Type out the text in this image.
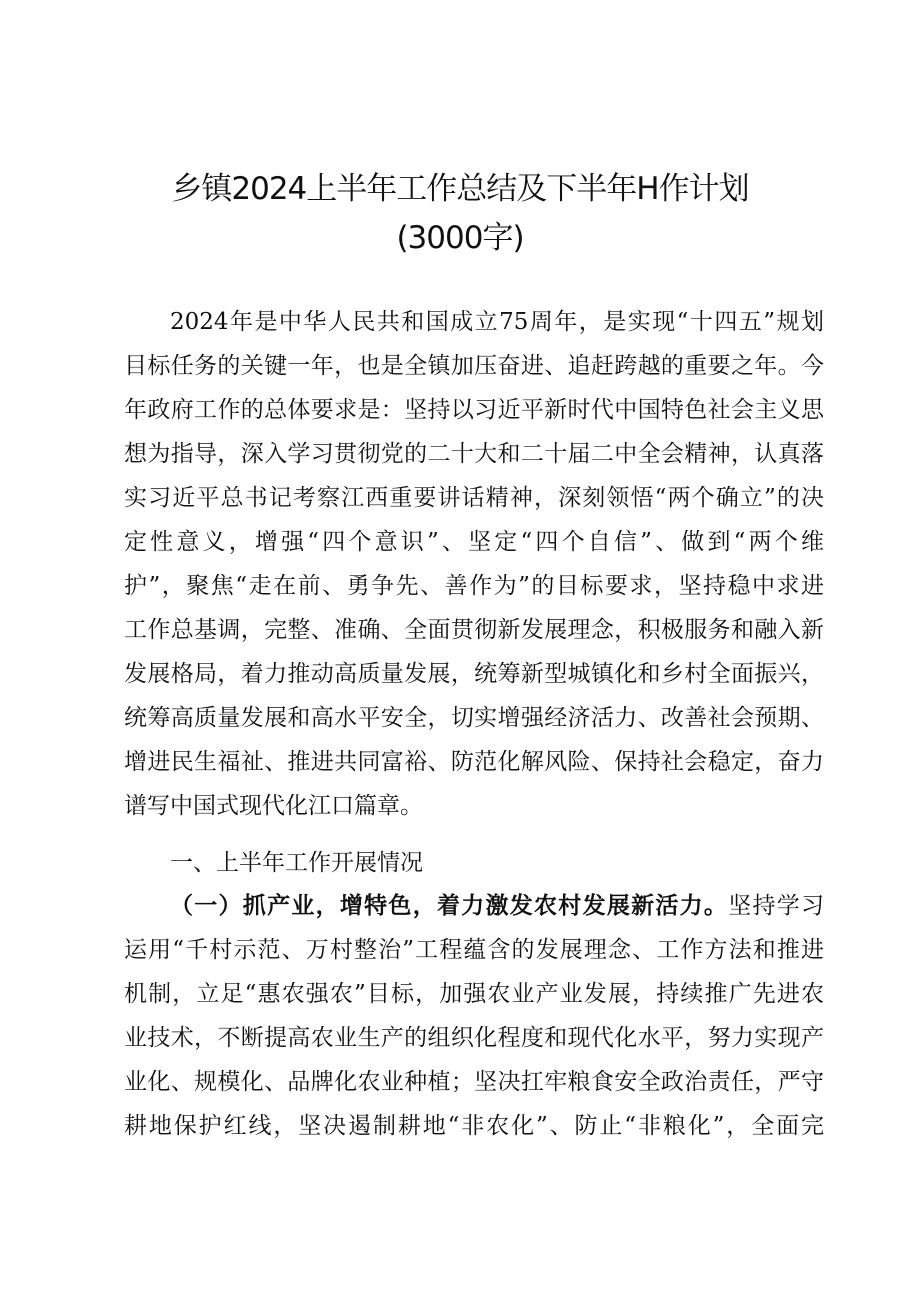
乡镇2024上半年工作总结及下半年H作计划
(3000字)
2024年是中华人民共和国成立75周年，是实现“十四五”规划
目标任务的关键一年，也是全镇加压奋进、追赶跨越的重要之年。今
年政府工作的总体要求是：坚持以习近平新时代中国特色社会主义思
想为指导，深入学习贯彻党的二十大和二十届二中全会精神，认真落
实习近平总书记考察江西重要讲话精神，深刻领悟“两个确立”的决
定性意义，增强“四个意识”、坚定“四个自信”、做到“两个维
护”，聚焦“走在前、勇争先、善作为”的目标要求，坚持稳中求进
工作总基调，完整、准确、全面贯彻新发展理念，积极服务和融入新
发展格局，着力推动高质量发展，统筹新型城镇化和乡村全面振兴，
统筹高质量发展和高水平安全，切实增强经济活力、改善社会预期、
增进民生福祉、推进共同富裕、防范化解风险、保持社会稳定，奋力
谱写中国式现代化江口篇章。
一、上半年工作开展情况
（一）抓产业，增特色，着力激发农村发展新活力。坚持学习
运用“千村示范、万村整治”工程蕴含的发展理念、工作方法和推进
机制，立足“惠农强农”目标，加强农业产业发展，持续推广先进农
业技术，不断提高农业生产的组织化程度和现代化水平，努力实现产
业化、规模化、品牌化农业种植；坚决扛牢粮食安全政治责任，严守
耕地保护红线，坚决遏制耕地“非农化”、防止“非粮化”，全面完
